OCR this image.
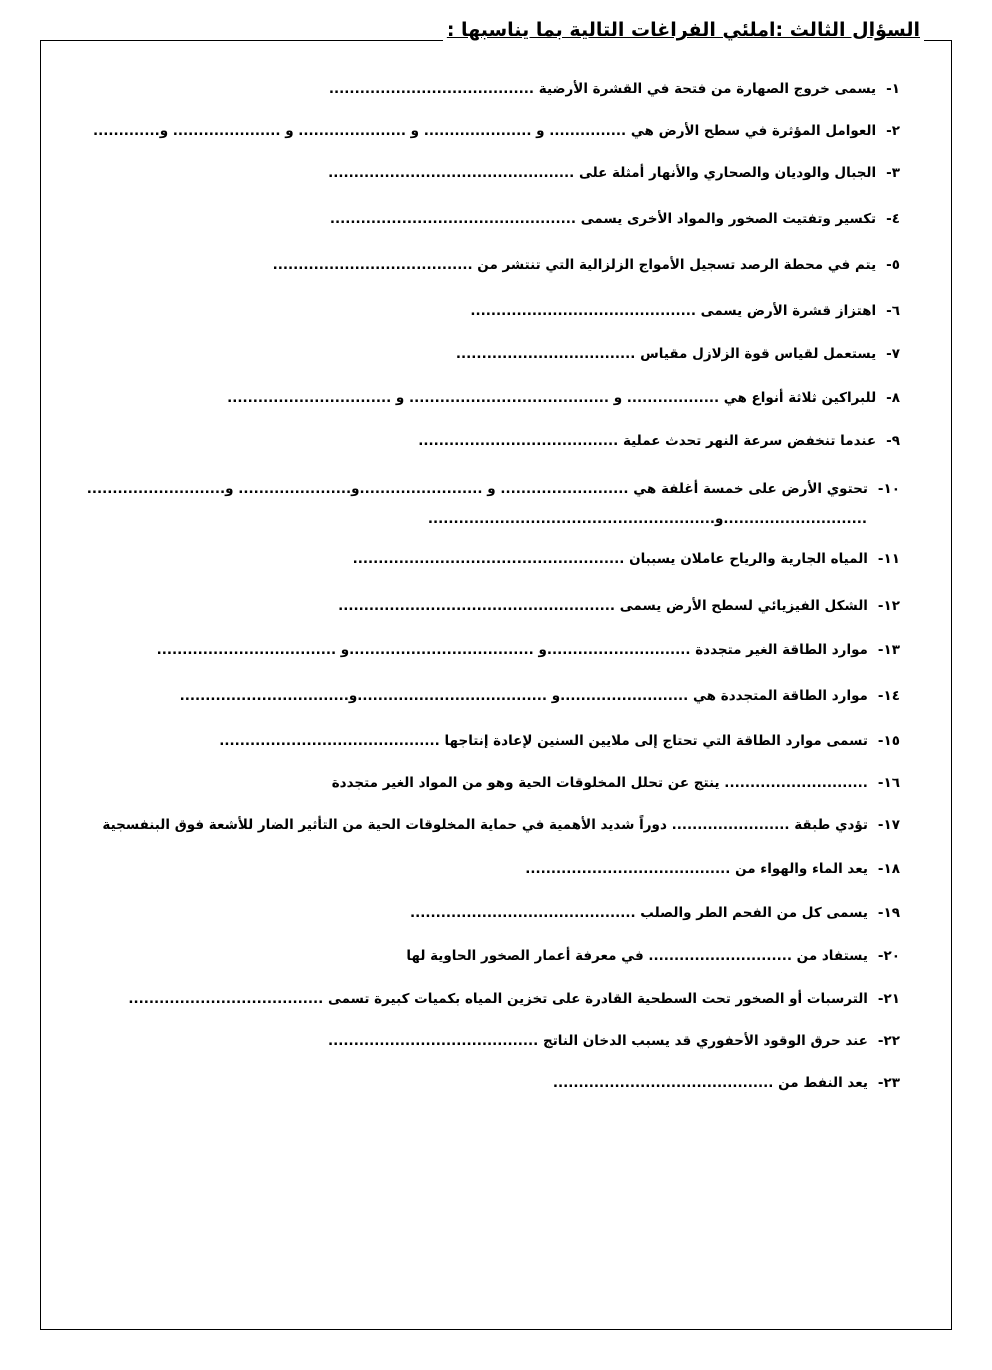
السؤال الثالث :املئي الفراغات التالية بما يناسبها :
١-يسمى خروج الصهارة من فتحة في القشرة الأرضية ........................................
٢-العوامل المؤثرة في سطح الأرض هي ............... و ..................... و ..................... و ..................... و.............
٣-الجبال والوديان والصحاري والأنهار أمثلة على ................................................
٤-تكسير وتفتيت الصخور والمواد الأخرى يسمى ................................................
٥-يتم في محطة الرصد تسجيل الأمواج الزلزالية التي تنتشر من .......................................
٦-اهتزاز قشرة الأرض يسمى ............................................
٧-يستعمل لقياس قوة الزلازل مقياس ...................................
٨-للبراكين ثلاثة أنواع هي .................. و ....................................... و ................................
٩-عندما تنخفض سرعة النهر تحدث عملية .......................................
١٠-تحتوي الأرض على خمسة أغلفة هي ......................... و ........................و...................... و...........................
............................و........................................................
١١-المياه الجارية والرياح عاملان يسببان .....................................................
١٢-الشكل الفيزيائي لسطح الأرض يسمى ......................................................
١٣-موارد الطاقة الغير متجددة ............................و ....................................و ...................................
١٤-موارد الطاقة المتجددة هي .........................و .....................................و.................................
١٥-تسمى موارد الطاقة التي تحتاج إلى ملايين السنين لإعادة إنتاجها ...........................................
١٦-............................ ينتج عن تحلل المخلوقات الحية وهو من المواد الغير متجددة
١٧-تؤدي طبقة ....................... دوراً شديد الأهمية في حماية المخلوقات الحية من التأثير الضار للأشعة فوق البنفسجية
١٨-يعد الماء والهواء من ........................................
١٩-يسمى كل من الفحم الطر والصلب ............................................
٢٠-يستفاد من ............................ في معرفة أعمار الصخور الحاوية لها
٢١-الترسبات أو الصخور تحت السطحية القادرة على تخزين المياه بكميات كبيرة تسمى ......................................
٢٢-عند حرق الوقود الأحفوري قد يسبب الدخان الناتج .........................................
٢٣-يعد النفط من ...........................................
